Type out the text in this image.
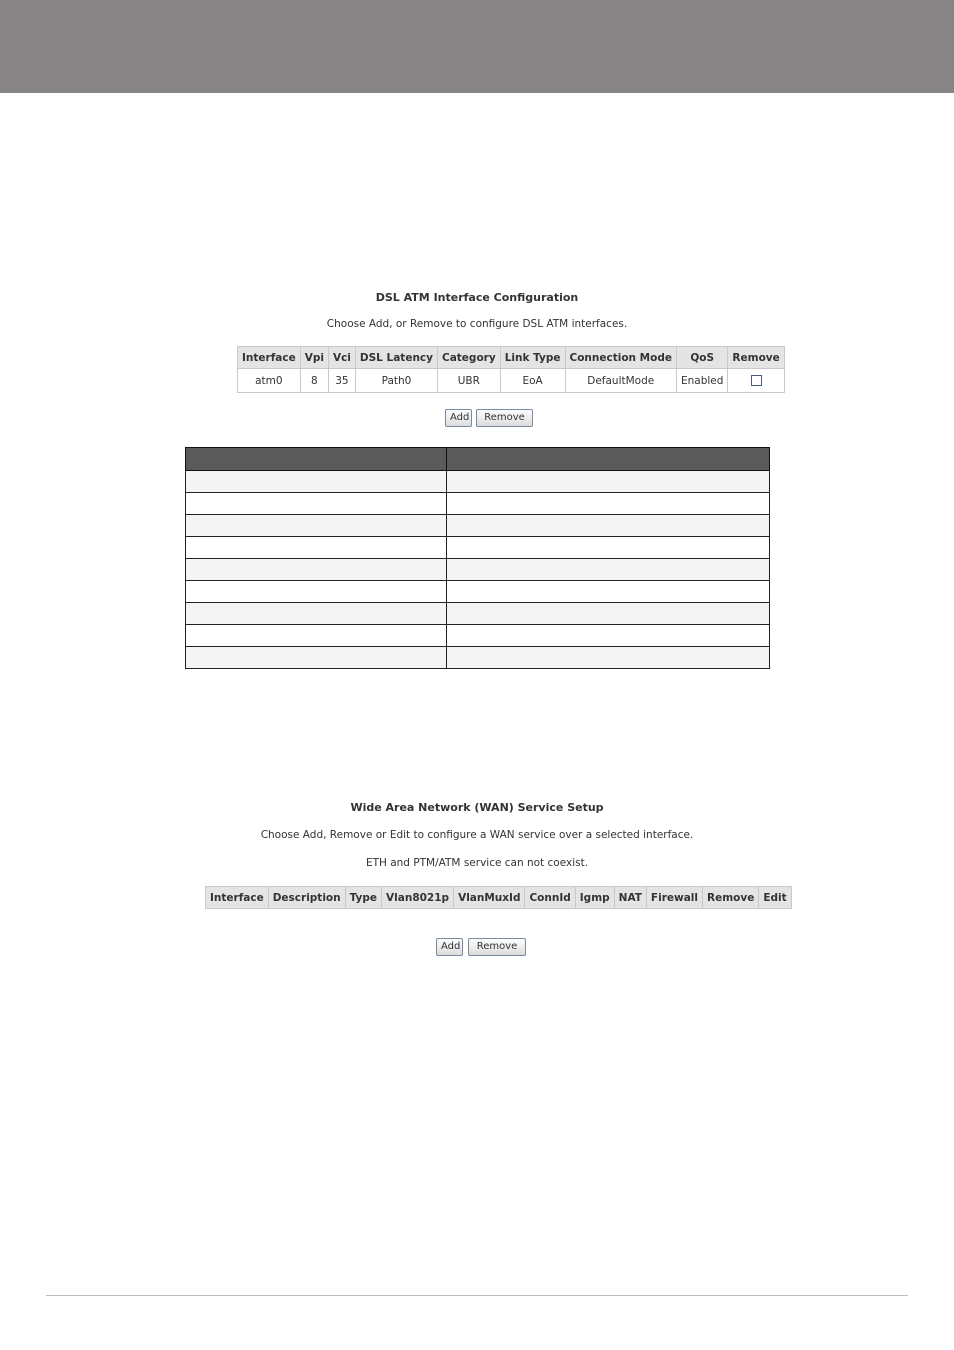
DSL ATM Interface Configuration
Choose Add, or Remove to configure DSL ATM interfaces.
Interface	Vpi	Vci	DSL Latency	Category	Link Type	Connection Mode	QoS	Remove
atm0	8	35	Path0	UBR	EoA	DefaultMode	Enabled	
Add	Remove

Wide Area Network (WAN) Service Setup
Choose Add, Remove or Edit to configure a WAN service over a selected interface.
ETH and PTM/ATM service can not coexist.
Interface	Description	Type	Vlan8021p	VlanMuxId	ConnId	Igmp	NAT	Firewall	Remove	Edit
Add	Remove
